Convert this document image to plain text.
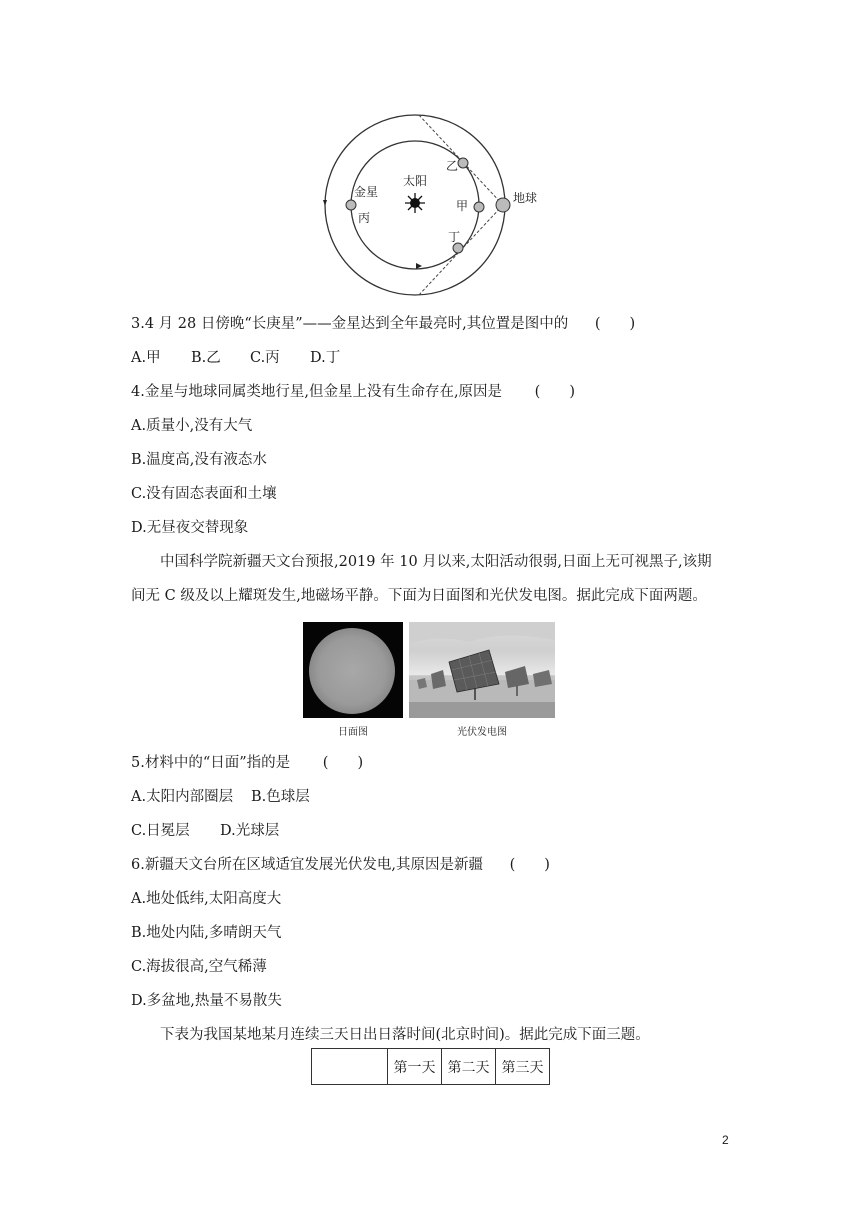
太阳
金星
丙
乙
甲
丁
地球
3.4 月 28 日傍晚“长庚星”——金星达到全年最亮时,其位置是图中的 (　　)
A.甲 B.乙 C.丙 D.丁
4.金星与地球同属类地行星,但金星上没有生命存在,原因是 (　　)
A.质量小,没有大气
B.温度高,没有液态水
C.没有固态表面和土壤
D.无昼夜交替现象
中国科学院新疆天文台预报,2019 年 10 月以来,太阳活动很弱,日面上无可视黑子,该期
间无 C 级及以上耀斑发生,地磁场平静。下面为日面图和光伏发电图。据此完成下面两题。
日面图	光伏发电图
5.材料中的“日面”指的是 (　　)
A.太阳内部圈层 B.色球层
C.日冕层 D.光球层
6.新疆天文台所在区域适宜发展光伏发电,其原因是新疆 (　　)
A.地处低纬,太阳高度大
B.地处内陆,多晴朗天气
C.海拔很高,空气稀薄
D.多盆地,热量不易散失
下表为我国某地某月连续三天日出日落时间(北京时间)。据此完成下面三题。
	第一天	第二天	第三天
2
